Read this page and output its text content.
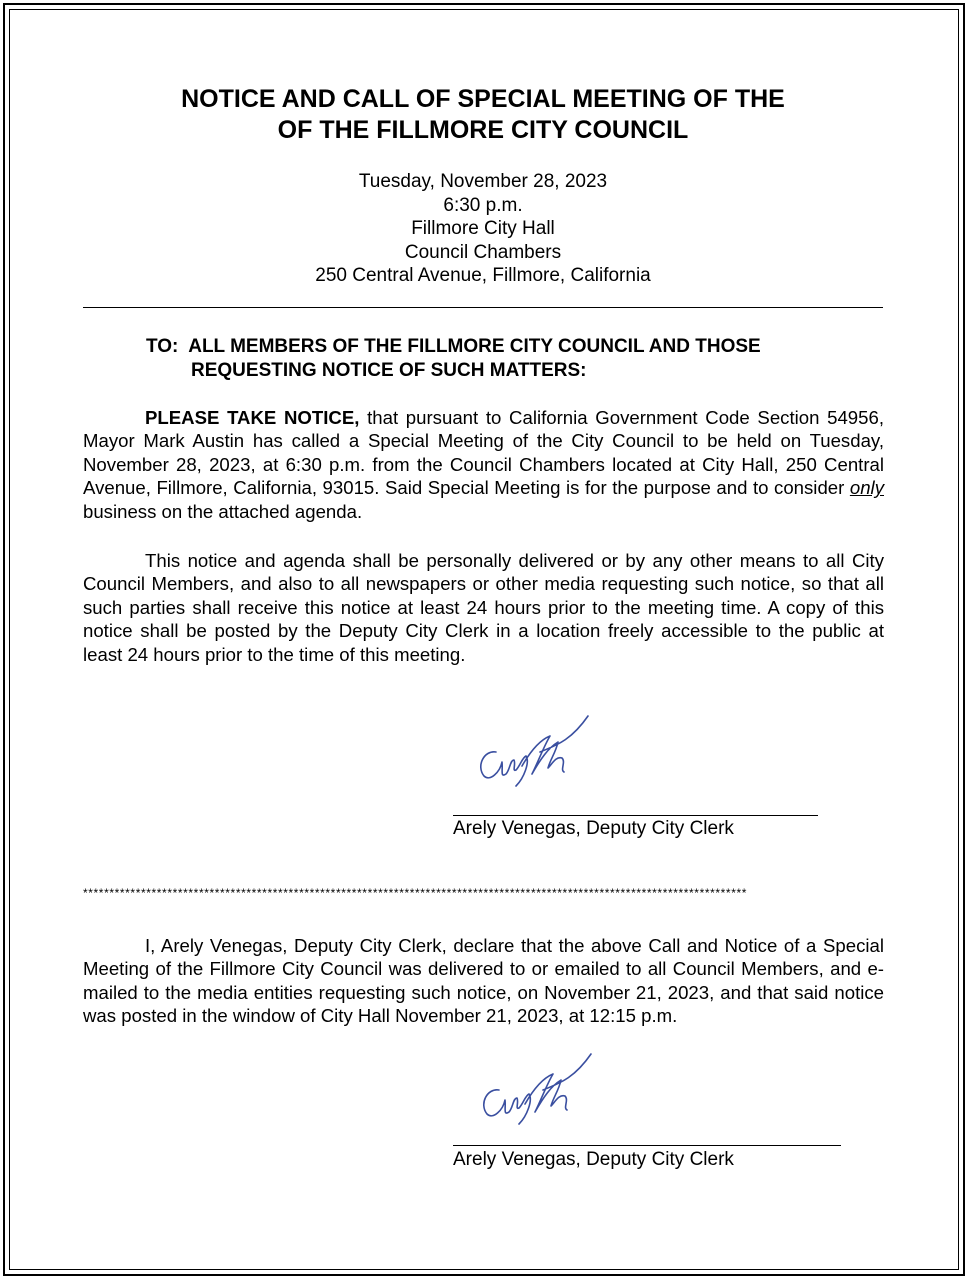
NOTICE AND CALL OF SPECIAL MEETING OF THE
OF THE FILLMORE CITY COUNCIL
Tuesday, November 28, 2023
6:30 p.m.
Fillmore City Hall
Council Chambers
250 Central Avenue, Fillmore, California
TO:  ALL MEMBERS OF THE FILLMORE CITY COUNCIL AND THOSE
REQUESTING NOTICE OF SUCH MATTERS:
PLEASE TAKE NOTICE, that pursuant to California Government Code Section 54956, Mayor Mark Austin has called a Special Meeting of the City Council to be held on Tuesday, November 28, 2023, at 6:30 p.m. from the Council Chambers located at City Hall, 250 Central Avenue, Fillmore, California, 93015. Said Special Meeting is for the purpose and to consider only business on the attached agenda.
This notice and agenda shall be personally delivered or by any other means to all City Council Members, and also to all newspapers or other media requesting such notice, so that all such parties shall receive this notice at least 24 hours prior to the meeting time. A copy of this notice shall be posted by the Deputy City Clerk in a location freely accessible to the public at least 24 hours prior to the time of this meeting.
Arely Venegas, Deputy City Clerk
******************************************************************************************************************************
I, Arely Venegas, Deputy City Clerk, declare that the above Call and Notice of a Special Meeting of the Fillmore City Council was delivered to or emailed to all Council Members, and e-mailed to the media entities requesting such notice, on November 21, 2023, and that said notice was posted in the window of City Hall November 21, 2023, at 12:15 p.m.
Arely Venegas, Deputy City Clerk
